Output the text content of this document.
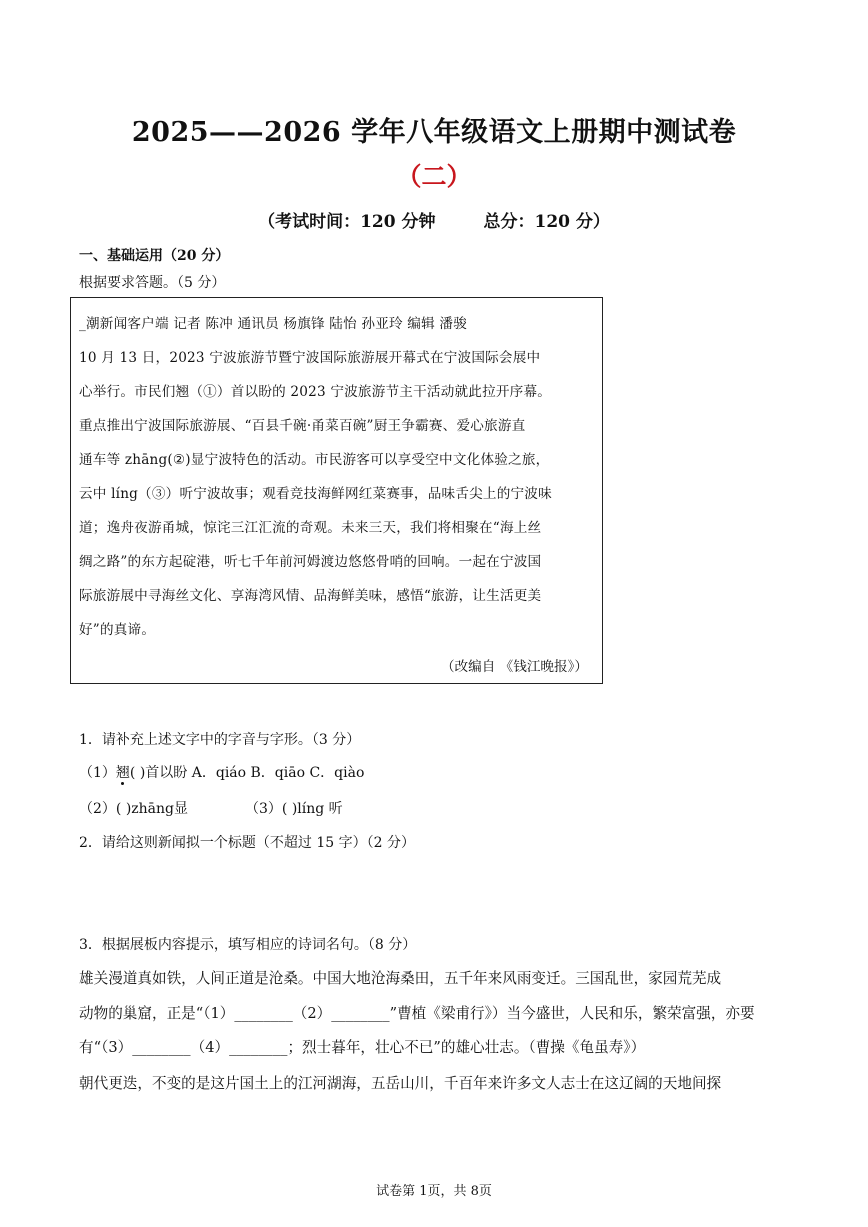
2025——2026 学年八年级语文上册期中测试卷
（二）
（考试时间：120 分钟	总分：120 分）
一、基础运用（20 分）
根据要求答题。（5 分）
_潮新闻客户端 记者 陈冲 通讯员 杨旗锋 陆怡 孙亚玲 编辑 潘骏
10 月 13 日，2023 宁波旅游节暨宁波国际旅游展开幕式在宁波国际会展中
心举行。市民们翘（①）首以盼的 2023 宁波旅游节主干活动就此拉开序幕。
重点推出宁波国际旅游展、“百县千碗·甬菜百碗”厨王争霸赛、爱心旅游直
通车等 zhāng(②)显宁波特色的活动。市民游客可以享受空中文化体验之旅，
云中 líng（③）听宁波故事；观看竞技海鲜网红菜赛事，品味舌尖上的宁波味
道；逸舟夜游甬城，惊诧三江汇流的奇观。未来三天，我们将相聚在“海上丝
绸之路”的东方起碇港，听七千年前河姆渡边悠悠骨哨的回响。一起在宁波国
际旅游展中寻海丝文化、享海湾风情、品海鲜美味，感悟“旅游，让生活更美
好”的真谛。
（改编自 《钱江晚报》）
1．请补充上述文字中的字音与字形。（3 分）
（1）翘( )首以盼 A．qiáo B．qiāo C．qiào
（2）( )zhāng显	（3）( )líng 听
2．请给这则新闻拟一个标题（不超过 15 字）（2 分）
3．根据展板内容提示，填写相应的诗词名句。（8 分）
雄关漫道真如铁，人间正道是沧桑。中国大地沧海桑田，五千年来风雨变迁。三国乱世，家园荒芜成
动物的巢窟，正是“（1）________（2）________”曹植《梁甫行》）当今盛世，人民和乐，繁荣富强，亦要
有“（3）________（4）________；烈士暮年，壮心不已”的雄心壮志。（曹操《龟虽寿》）
朝代更迭，不变的是这片国土上的江河湖海，五岳山川，千百年来许多文人志士在这辽阔的天地间探
试卷第 1页，共 8页
